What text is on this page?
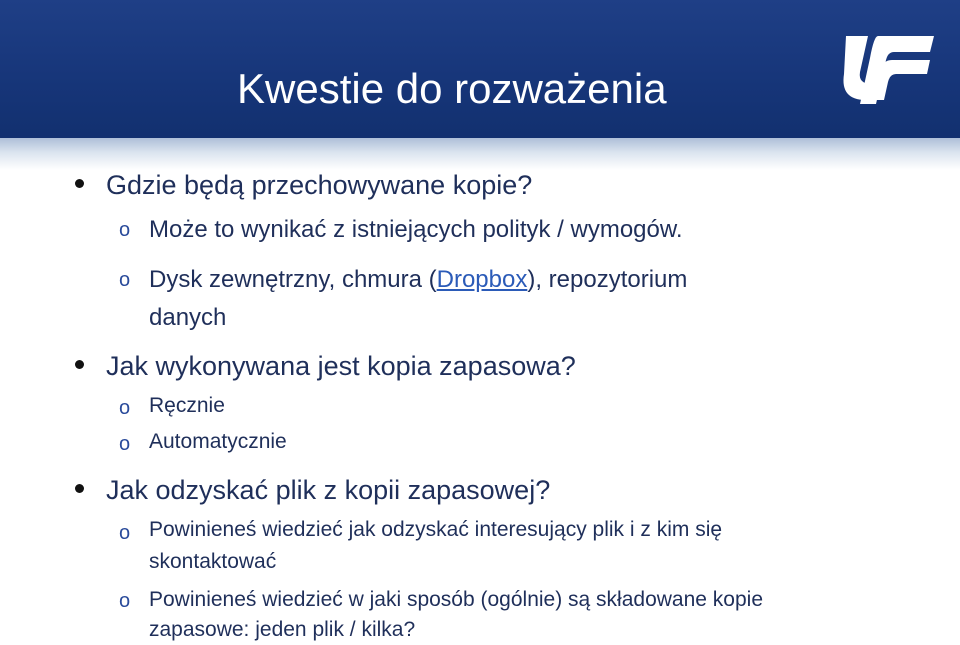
Kwestie do rozważenia
Gdzie będą przechowywane kopie?
o Może to wynikać z istniejących polityk / wymogów.
o Dysk zewnętrzny, chmura (Dropbox), repozytorium
danych
Jak wykonywana jest kopia zapasowa?
o Ręcznie
o Automatycznie
Jak odzyskać plik z kopii zapasowej?
o Powinieneś wiedzieć jak odzyskać interesujący plik i z kim się
skontaktować
o Powinieneś wiedzieć w jaki sposób (ogólnie) są składowane kopie
zapasowe: jeden plik / kilka?
